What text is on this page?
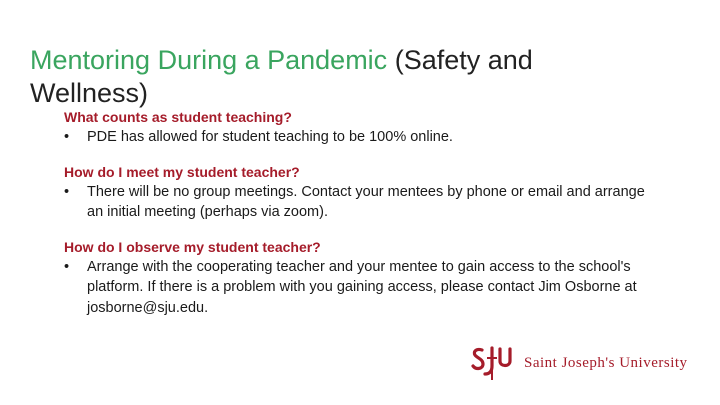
Mentoring During a Pandemic (Safety and Wellness)
What counts as student teaching?
• PDE has allowed for student teaching to be 100% online.
How do I meet my student teacher?
• There will be no group meetings. Contact your mentees by phone or email and arrange an initial meeting (perhaps via zoom).
How do I observe my student teacher?
• Arrange with the cooperating teacher and your mentee to gain access to the school's platform. If there is a problem with you gaining access, please contact Jim Osborne at josborne@sju.edu.
Saint Joseph's University
